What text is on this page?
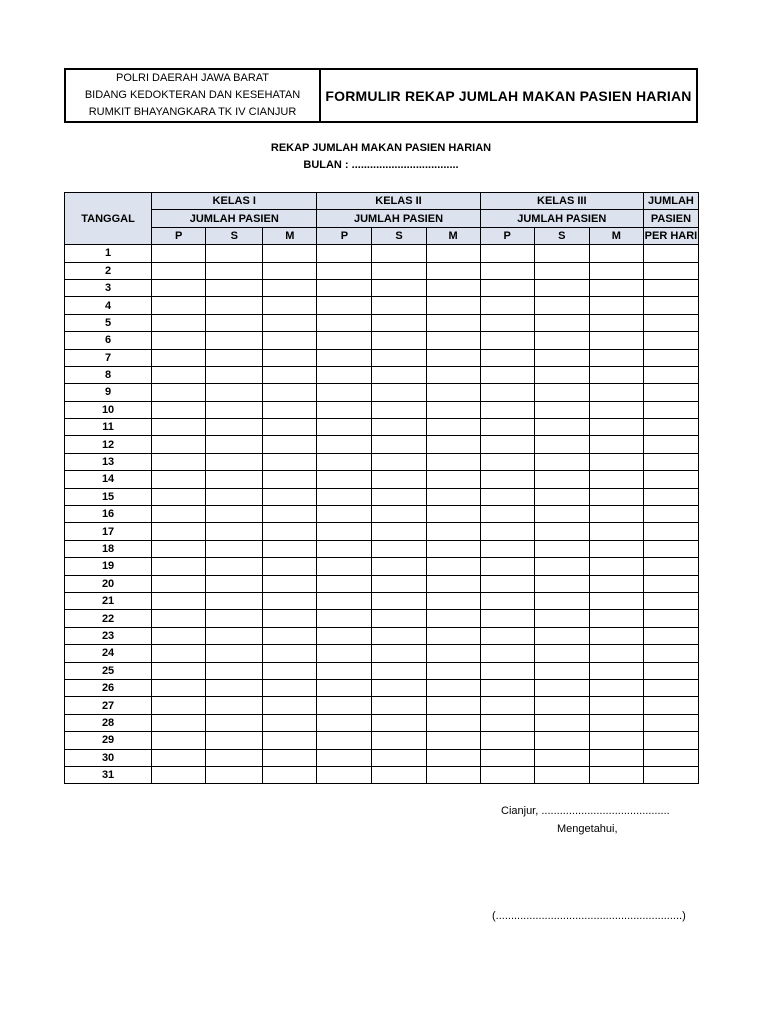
POLRI DAERAH JAWA BARAT
BIDANG KEDOKTERAN DAN KESEHATAN
RUMKIT BHAYANGKARA TK IV CIANJUR
FORMULIR REKAP JUMLAH MAKAN PASIEN HARIAN
REKAP JUMLAH MAKAN PASIEN HARIAN
BULAN : ...................................
TANGGAL	KELAS I			KELAS II			KELAS III			JUMLAH
	JUMLAH PASIEN			JUMLAH PASIEN			JUMLAH PASIEN			PASIEN
	P	S	M	P	S	M	P	S	M	PER HARI
1										
2										
3										
4										
5										
6										
7										
8										
9										
10										
11										
12										
13										
14										
15										
16										
17										
18										
19										
20										
21										
22										
23										
24										
25										
26										
27										
28										
29										
30										
31										
Cianjur, ..........................................
Mengetahui,
(.............................................................)
